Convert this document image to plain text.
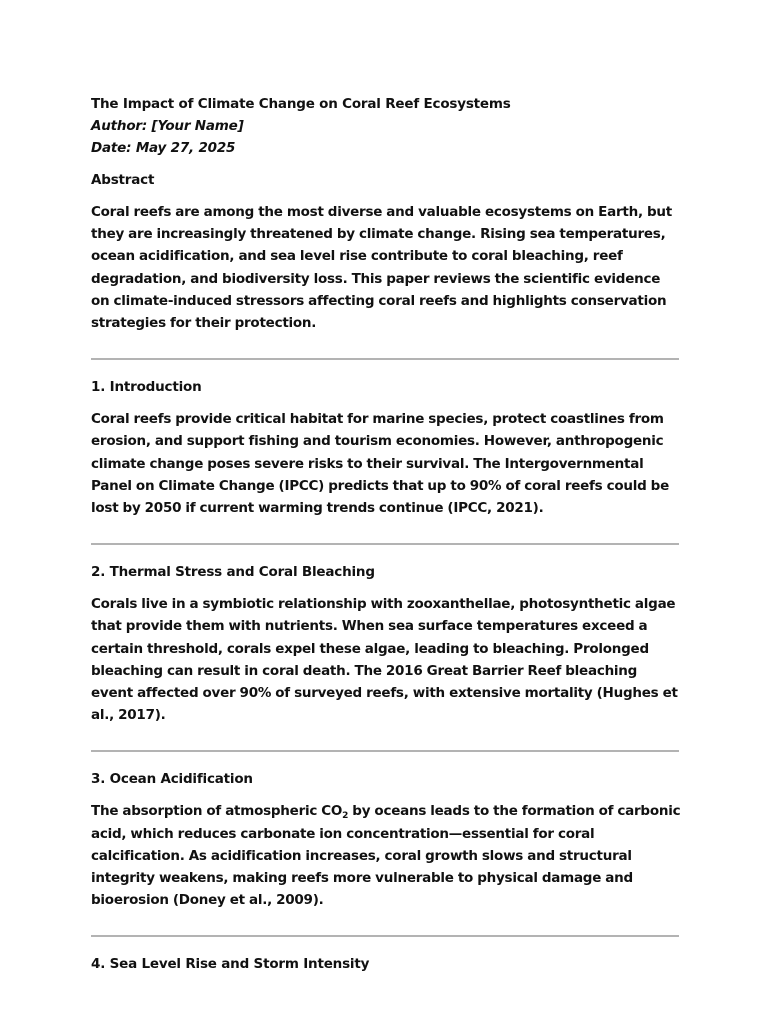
The Impact of Climate Change on Coral Reef Ecosystems

Author: [Your Name]

Date: May 27, 2025

Abstract

Coral reefs are among the most diverse and valuable ecosystems on Earth, but they are increasingly threatened by climate change. Rising sea temperatures, ocean acidification, and sea level rise contribute to coral bleaching, reef degradation, and biodiversity loss. This paper reviews the scientific evidence on climate-induced stressors affecting coral reefs and highlights conservation strategies for their protection.

1. Introduction

Coral reefs provide critical habitat for marine species, protect coastlines from erosion, and support fishing and tourism economies. However, anthropogenic climate change poses severe risks to their survival. The Intergovernmental Panel on Climate Change (IPCC) predicts that up to 90% of coral reefs could be lost by 2050 if current warming trends continue (IPCC, 2021).

2. Thermal Stress and Coral Bleaching

Corals live in a symbiotic relationship with zooxanthellae, photosynthetic algae that provide them with nutrients. When sea surface temperatures exceed a certain threshold, corals expel these algae, leading to bleaching. Prolonged bleaching can result in coral death. The 2016 Great Barrier Reef bleaching event affected over 90% of surveyed reefs, with extensive mortality (Hughes et al., 2017).

3. Ocean Acidification

The absorption of atmospheric $CO_2$ by oceans leads to the formation of carbonic acid, which reduces carbonate ion concentration—essential for coral calcification. As acidification increases, coral growth slows and structural integrity weakens, making reefs more vulnerable to physical damage and bioerosion (Doney et al., 2009).

4. Sea Level Rise and Storm Intensity
